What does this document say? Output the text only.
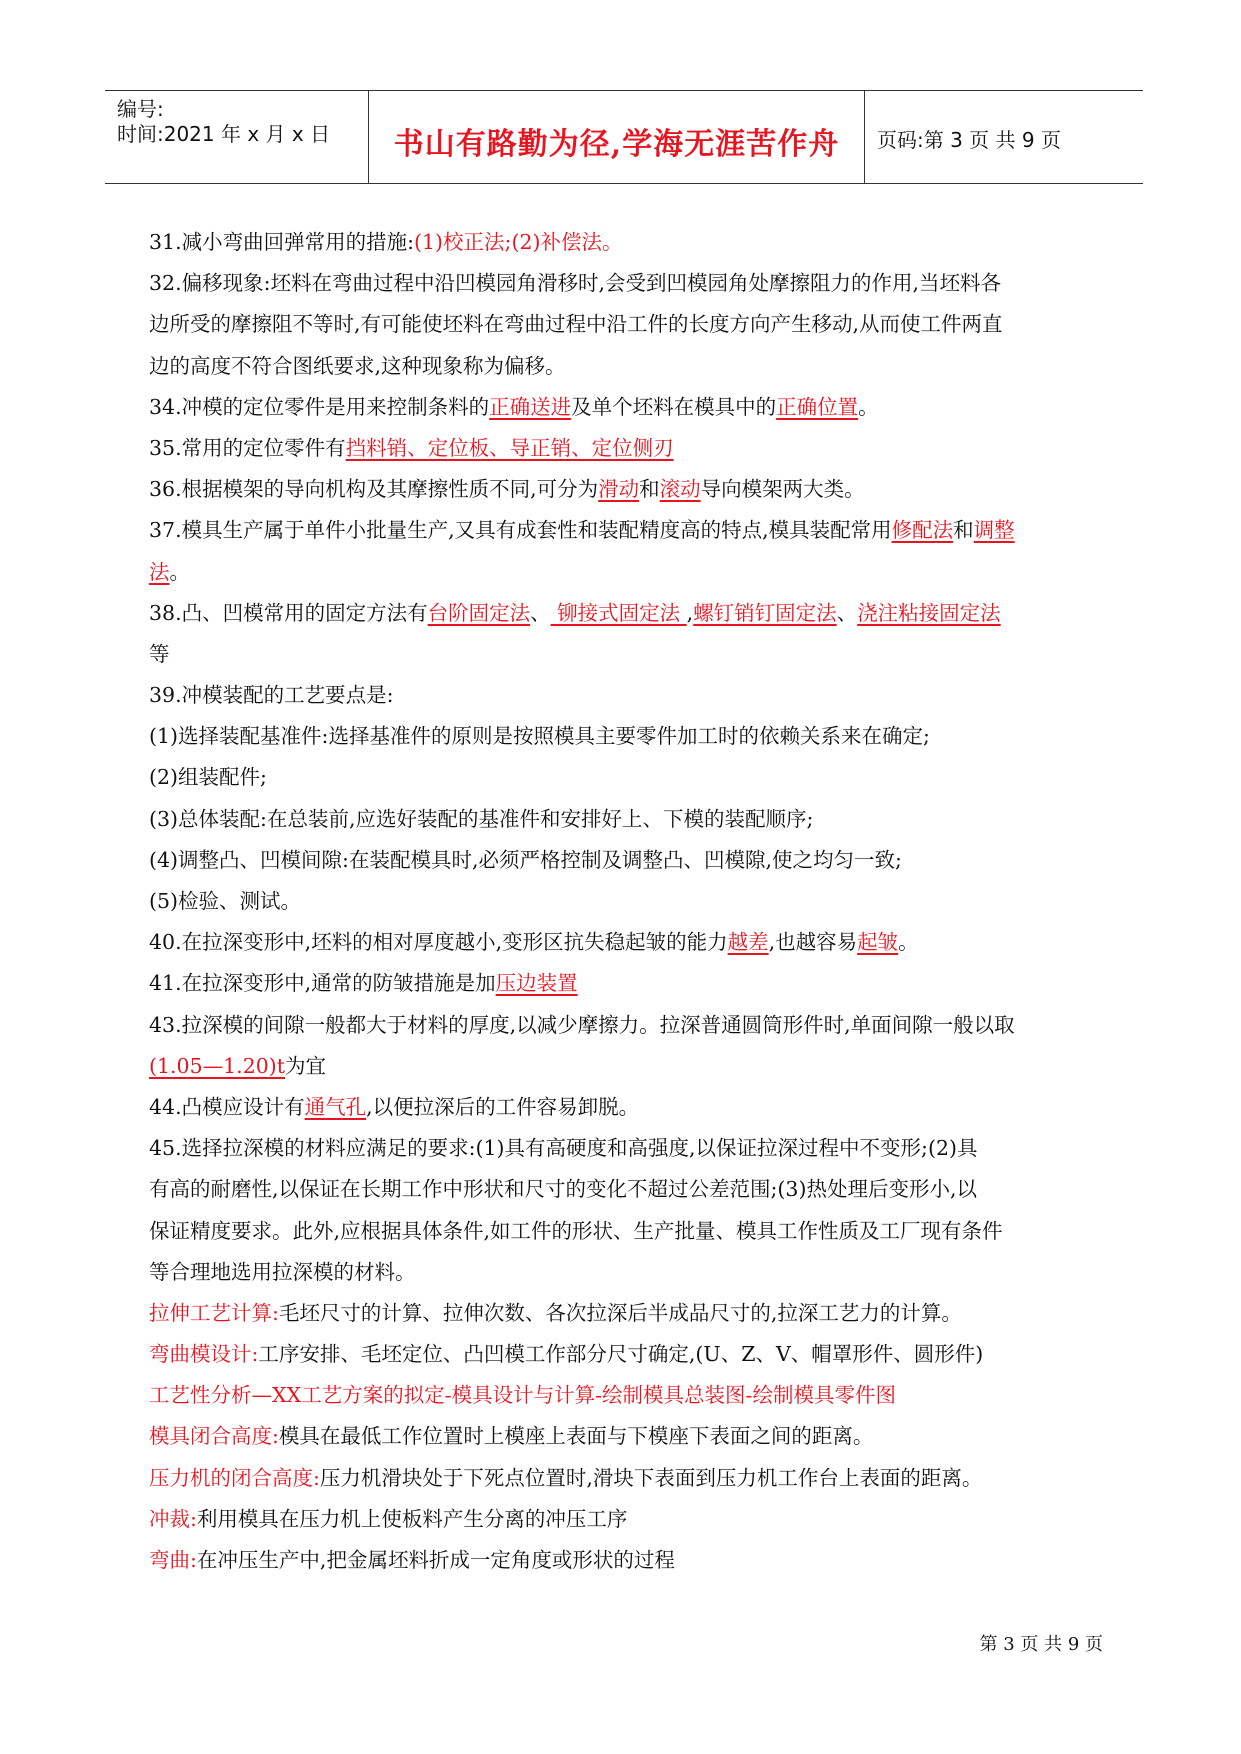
编号:
时间:2021 年 x 月 x 日	书山有路勤为径,学海无涯苦作舟	页码:第 3 页 共 9 页
31.减小弯曲回弹常用的措施:(1)校正法;(2)补偿法。
32.偏移现象:坯料在弯曲过程中沿凹模园角滑移时,会受到凹模园角处摩擦阻力的作用,当坯料各
边所受的摩擦阻不等时,有可能使坯料在弯曲过程中沿工件的长度方向产生移动,从而使工件两直
边的高度不符合图纸要求,这种现象称为偏移。
34.冲模的定位零件是用来控制条料的正确送进及单个坯料在模具中的正确位置。
35.常用的定位零件有挡料销、定位板、导正销、定位侧刃
36.根据模架的导向机构及其摩擦性质不同,可分为滑动和滚动导向模架两大类。
37.模具生产属于单件小批量生产,又具有成套性和装配精度高的特点,模具装配常用修配法和调整
法。
38.凸、凹模常用的固定方法有台阶固定法、 铆接式固定法 ,螺钉销钉固定法、浇注粘接固定法
等
39.冲模装配的工艺要点是:
(1)选择装配基准件:选择基准件的原则是按照模具主要零件加工时的依赖关系来在确定;
(2)组装配件;
(3)总体装配:在总装前,应选好装配的基准件和安排好上、下模的装配顺序;
(4)调整凸、凹模间隙:在装配模具时,必须严格控制及调整凸、凹模隙,使之均匀一致;
(5)检验、测试。
40.在拉深变形中,坯料的相对厚度越小,变形区抗失稳起皱的能力越差,也越容易起皱。
41.在拉深变形中,通常的防皱措施是加压边装置
43.拉深模的间隙一般都大于材料的厚度,以减少摩擦力。拉深普通圆筒形件时,单面间隙一般以取
(1.05—1.20)t为宜
44.凸模应设计有通气孔,以便拉深后的工件容易卸脱。
45.选择拉深模的材料应满足的要求:(1)具有高硬度和高强度,以保证拉深过程中不变形;(2)具
有高的耐磨性,以保证在长期工作中形状和尺寸的变化不超过公差范围;(3)热处理后变形小,以
保证精度要求。此外,应根据具体条件,如工件的形状、生产批量、模具工作性质及工厂现有条件
等合理地选用拉深模的材料。
拉伸工艺计算:毛坯尺寸的计算、拉伸次数、各次拉深后半成品尺寸的,拉深工艺力的计算。
弯曲模设计:工序安排、毛坯定位、凸凹模工作部分尺寸确定,(U、Z、V、帽罩形件、圆形件)
工艺性分析—XX工艺方案的拟定-模具设计与计算-绘制模具总装图-绘制模具零件图
模具闭合高度:模具在最低工作位置时上模座上表面与下模座下表面之间的距离。
压力机的闭合高度:压力机滑块处于下死点位置时,滑块下表面到压力机工作台上表面的距离。
冲裁:利用模具在压力机上使板料产生分离的冲压工序
弯曲:在冲压生产中,把金属坯料折成一定角度或形状的过程
第 3 页 共 9 页
